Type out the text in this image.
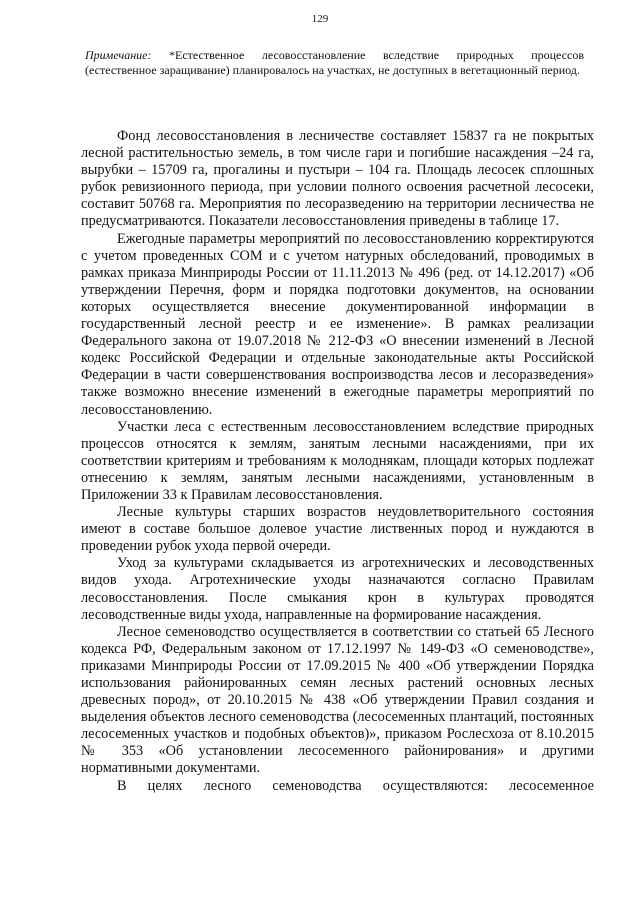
129
Примечание: *Естественное лесовосстановление вследствие природных процессов (естественное заращивание) планировалось на участках, не доступных в вегетационный период.

Фонд лесовосстановления в лесничестве составляет 15837 га не покрытых лесной растительностью земель, в том числе гари и погибшие насаждения –24 га, вырубки – 15709 га, прогалины и пустыри – 104 га. Площадь лесосек сплошных рубок ревизионного периода, при условии полного освоения расчетной лесосеки, составит 50768 га. Мероприятия по лесоразведению на территории лесничества не предусматриваются. Показатели лесовосстановления приведены в таблице 17.

Ежегодные параметры мероприятий по лесовосстановлению корректируются с учетом проведенных СОМ и с учетом натурных обследований, проводимых в рамках приказа Минприроды России от 11.11.2013 № 496 (ред. от 14.12.2017) «Об утверждении Перечня, форм и порядка подготовки документов, на основании которых осуществляется внесение документированной информации в государственный лесной реестр и ее изменение». В рамках реализации Федерального закона от 19.07.2018 № 212-ФЗ «О внесении изменений в Лесной кодекс Российской Федерации и отдельные законодательные акты Российской Федерации в части совершенствования воспроизводства лесов и лесоразведения» также возможно внесение изменений в ежегодные параметры мероприятий по лесовосстановлению.

Участки леса с естественным лесовосстановлением вследствие природных процессов относятся к землям, занятым лесными насаждениями, при их соответствии критериям и требованиям к молоднякам, площади которых подлежат отнесению к землям, занятым лесными насаждениями, установленным в Приложении 33 к Правилам лесовосстановления.

Лесные культуры старших возрастов неудовлетворительного состояния имеют в составе большое долевое участие лиственных пород и нуждаются в проведении рубок ухода первой очереди.

Уход за культурами складывается из агротехнических и лесоводственных видов ухода. Агротехнические уходы назначаются согласно Правилам лесовосстановления. После смыкания крон в культурах проводятся лесоводственные виды ухода, направленные на формирование насаждения.

Лесное семеноводство осуществляется в соответствии со статьей 65 Лесного кодекса РФ, Федеральным законом от 17.12.1997 № 149-ФЗ «О семеноводстве», приказами Минприроды России от 17.09.2015 № 400 «Об утверждении Порядка использования районированных семян лесных растений основных лесных древесных пород», от 20.10.2015 № 438 «Об утверждении Правил создания и выделения объектов лесного семеноводства (лесосеменных плантаций, постоянных лесосеменных участков и подобных объектов)», приказом Рослесхоза от 8.10.2015 № 353 «Об установлении лесосеменного районирования» и другими нормативными документами.

В целях лесного семеноводства осуществляются: лесосеменное
